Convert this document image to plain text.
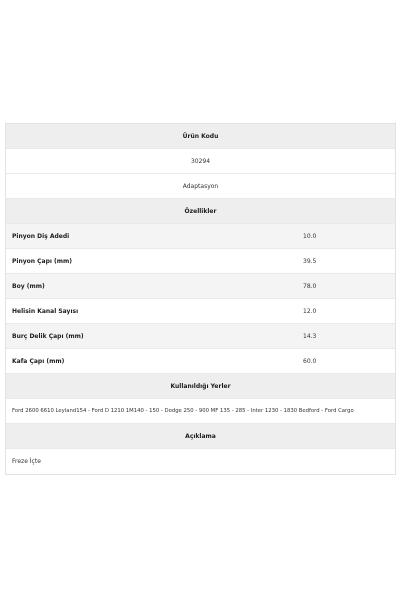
Ürün Kodu
30294
Adaptasyon
Özellikler
Pinyon Diş Adedi	10.0
Pinyon Çapı (mm)	39.5
Boy (mm)	78.0
Helisin Kanal Sayısı	12.0
Burç Delik Çapı (mm)	14.3
Kafa Çapı (mm)	60.0
Kullanıldığı Yerler
Ford 2600 6610 Leyland154 - Ford D 1210 1M140 - 150 - Dodge 250 - 900 MF 135 - 285 - Inter 1230 - 1830 Bedford - Ford Cargo
Açıklama
Freze İçte
